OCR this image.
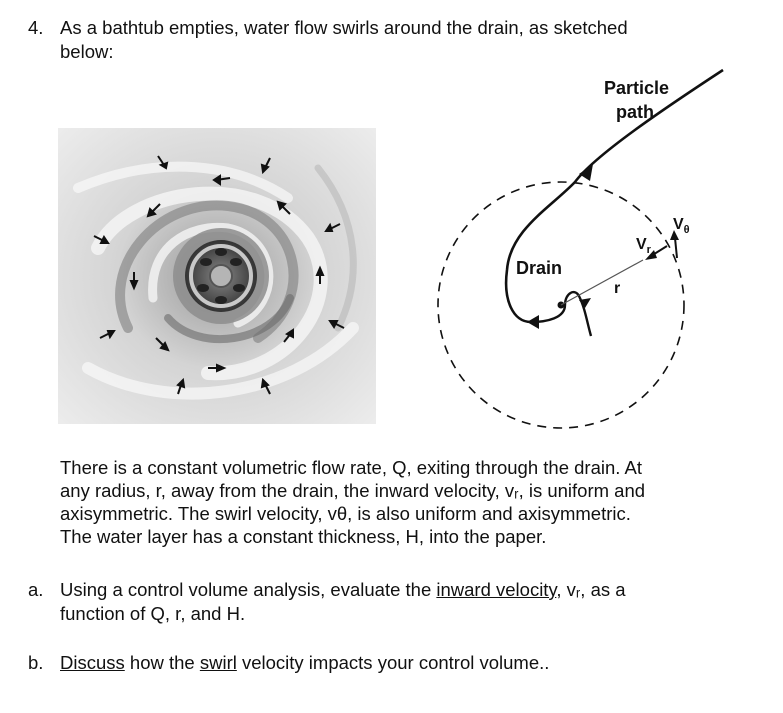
4. As a bathtub empties, water flow swirls around the drain, as sketched
below:
Particle
path
Drain
r
$V_r$
$V_\theta$
There is a constant volumetric flow rate, Q, exiting through the drain. At
any radius, r, away from the drain, the inward velocity, vᵣ, is uniform and
axisymmetric. The swirl velocity, vθ, is also uniform and axisymmetric.
The water layer has a constant thickness, H, into the paper.
a. Using a control volume analysis, evaluate the inward velocity, vᵣ, as a
function of Q, r, and H.
b. Discuss how the swirl velocity impacts your control volume..
